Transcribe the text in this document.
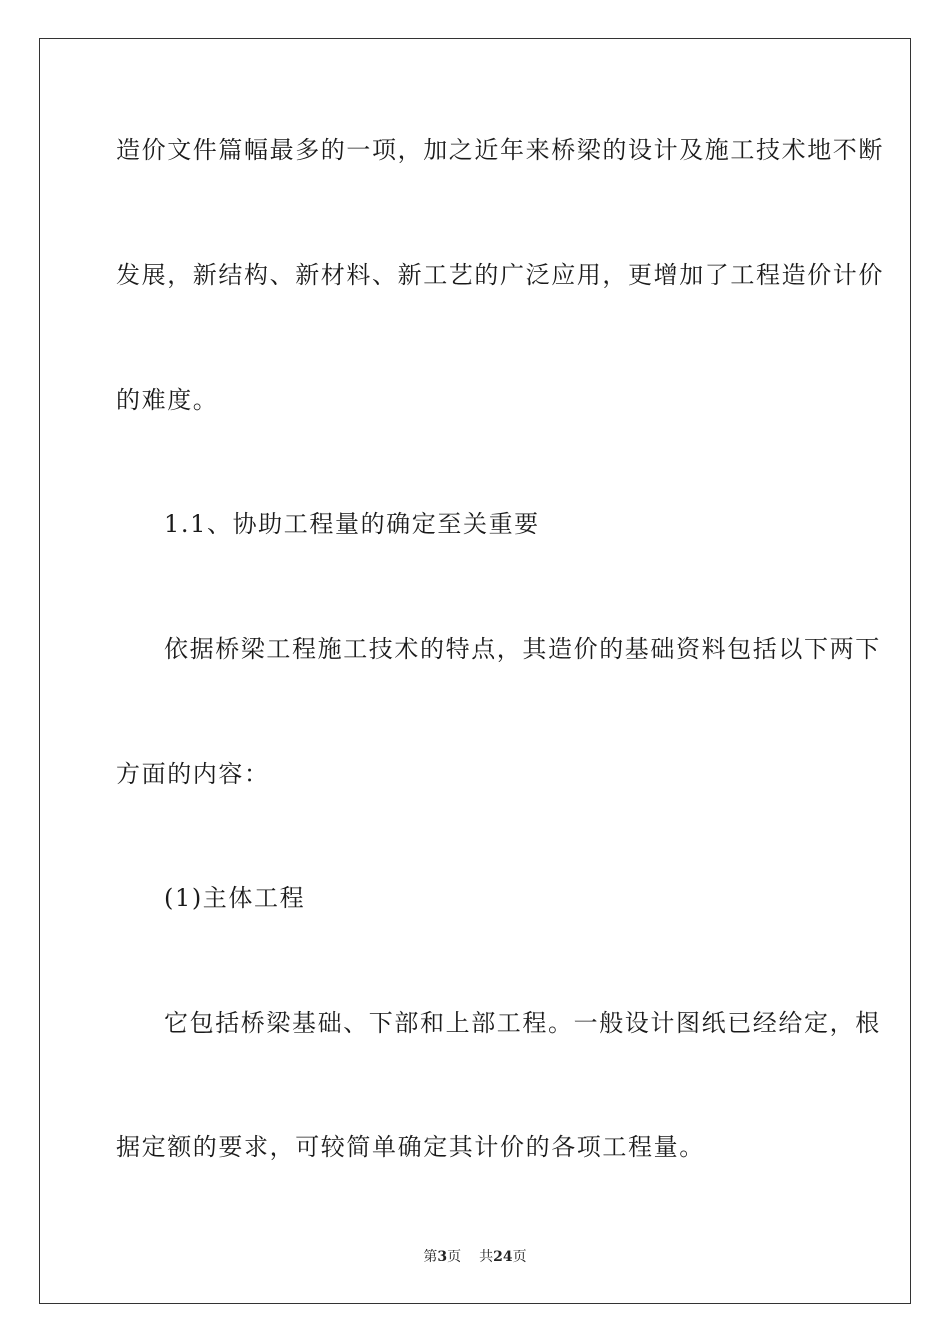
造价文件篇幅最多的一项，加之近年来桥梁的设计及施工技术地不断
发展，新结构、新材料、新工艺的广泛应用，更增加了工程造价计价
的难度。
1.1、协助工程量的确定至关重要
依据桥梁工程施工技术的特点，其造价的基础资料包括以下两下
方面的内容：
(1)主体工程
它包括桥梁基础、下部和上部工程。一般设计图纸已经给定，根
据定额的要求，可较简单确定其计价的各项工程量。
第3页 共24页
